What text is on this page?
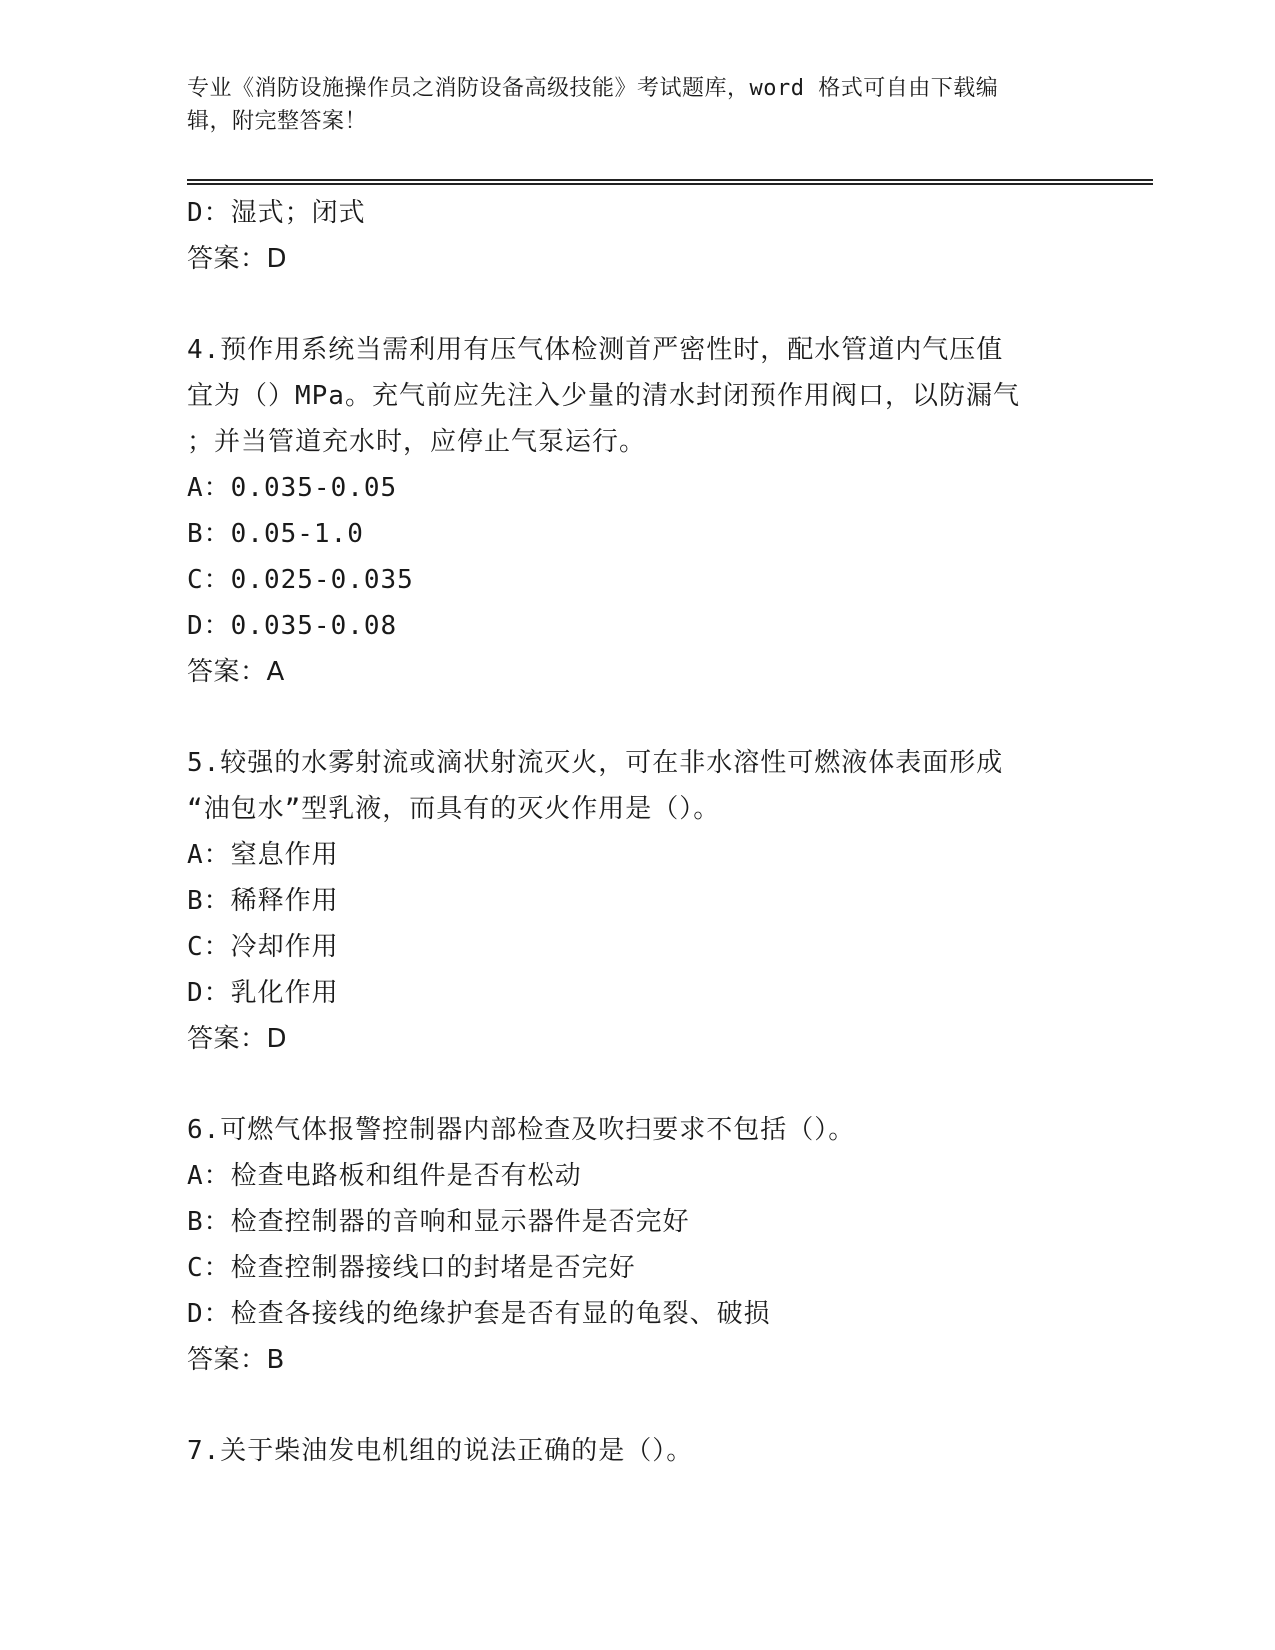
专业《消防设施操作员之消防设备高级技能》考试题库，word 格式可自由下载编
辑，附完整答案！
D：湿式；闭式
答案：D
4.预作用系统当需利用有压气体检测首严密性时，配水管道内气压值
宜为（）MPa。充气前应先注入少量的清水封闭预作用阀口，以防漏气
；并当管道充水时，应停止气泵运行。
A：0.035-0.05
B：0.05-1.0
C：0.025-0.035
D：0.035-0.08
答案：A
5.较强的水雾射流或滴状射流灭火，可在非水溶性可燃液体表面形成
“油包水”型乳液，而具有的灭火作用是（）。
A：窒息作用
B：稀释作用
C：冷却作用
D：乳化作用
答案：D
6.可燃气体报警控制器内部检查及吹扫要求不包括（）。
A：检查电路板和组件是否有松动
B：检查控制器的音响和显示器件是否完好
C：检查控制器接线口的封堵是否完好
D：检查各接线的绝缘护套是否有显的龟裂、破损
答案：B
7.关于柴油发电机组的说法正确的是（）。
